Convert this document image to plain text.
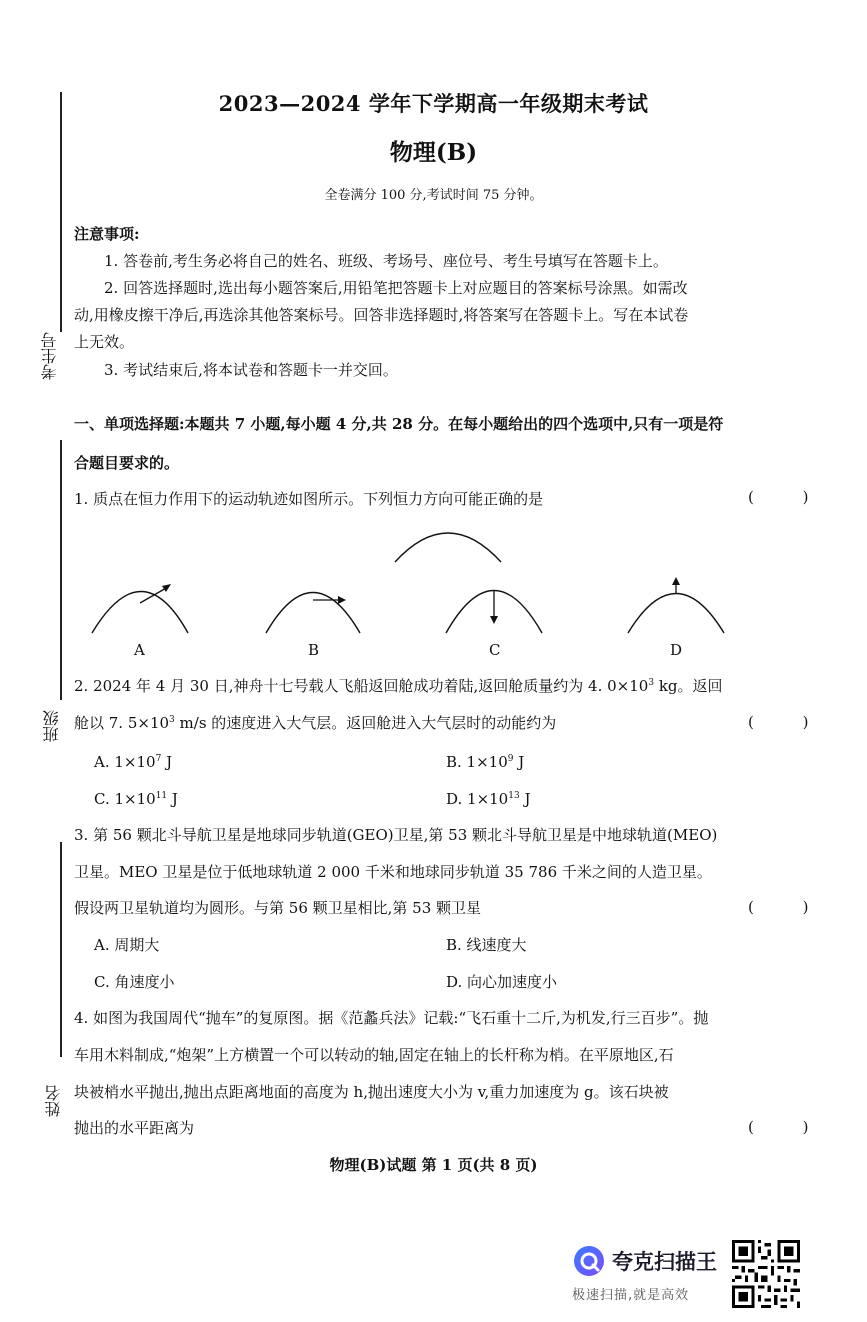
考生号
班级
姓名
2023—2024 学年下学期高一年级期末考试
物理(B)
全卷满分 100 分,考试时间 75 分钟。
注意事项:
1. 答卷前,考生务必将自己的姓名、班级、考场号、座位号、考生号填写在答题卡上。
2. 回答选择题时,选出每小题答案后,用铅笔把答题卡上对应题目的答案标号涂黑。如需改
动,用橡皮擦干净后,再选涂其他答案标号。回答非选择题时,将答案写在答题卡上。写在本试卷
上无效。
3. 考试结束后,将本试卷和答题卡一并交回。
一、单项选择题:本题共 7 小题,每小题 4 分,共 28 分。在每小题给出的四个选项中,只有一项是符
合题目要求的。
1. 质点在恒力作用下的运动轨迹如图所示。下列恒力方向可能正确的是	( )
A	B	C	D
2. 2024 年 4 月 30 日,神舟十七号载人飞船返回舱成功着陆,返回舱质量约为 4. $0\times 10^3$ kg。返回
舱以 7. $5\times 10^3$ m/s 的速度进入大气层。返回舱进入大气层时的动能约为	( )
A. $1\times 10^7$ J	B. $1\times 10^9$ J
C. $1\times 10^{11}$ J	D. $1\times 10^{13}$ J
3. 第 56 颗北斗导航卫星是地球同步轨道(GEO)卫星,第 53 颗北斗导航卫星是中地球轨道(MEO)
卫星。MEO 卫星是位于低地球轨道 2 000 千米和地球同步轨道 35 786 千米之间的人造卫星。
假设两卫星轨道均为圆形。与第 56 颗卫星相比,第 53 颗卫星	( )
A. 周期大	B. 线速度大
C. 角速度小	D. 向心加速度小
4. 如图为我国周代“抛车”的复原图。据《范蠡兵法》记载:“飞石重十二斤,为机发,行三百步”。抛
车用木料制成,“炮架”上方横置一个可以转动的轴,固定在轴上的长杆称为梢。在平原地区,石
块被梢水平抛出,抛出点距离地面的高度为 h,抛出速度大小为 v,重力加速度为 g。该石块被
抛出的水平距离为	( )
物理(B)试题 第 1 页(共 8 页)
夸克扫描王
极速扫描,就是高效
